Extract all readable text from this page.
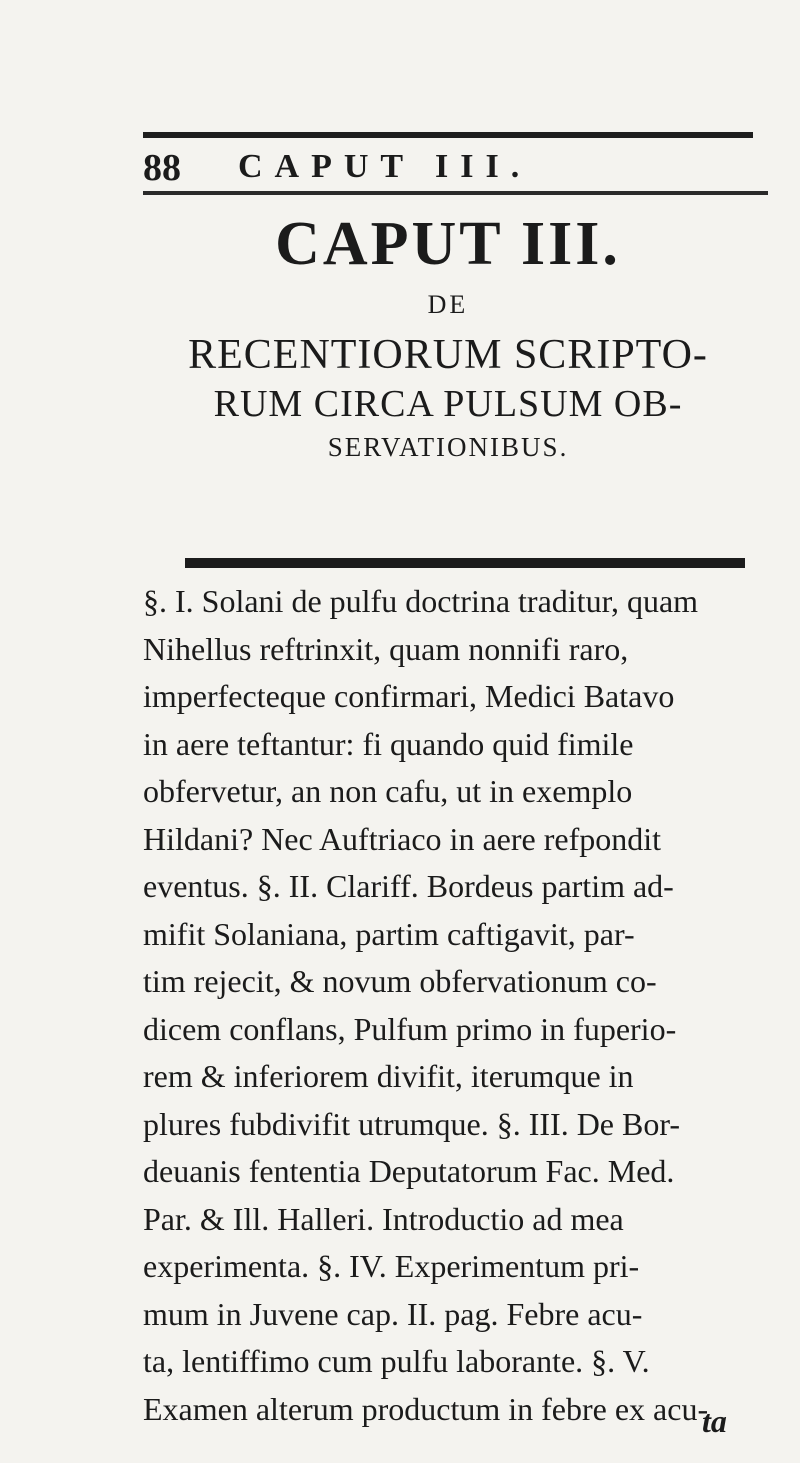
88 CAPUT III.
CAPUT III.
DE
RECENTIORUM SCRIPTO-
RUM CIRCA PULSUM OB-
SERVATIONIBUS.
§. I. Solani de pulfu doctrina traditur, quam
Nihellus reftrinxit, quam nonnifi raro,
imperfecteque confirmari, Medici Batavo
in aere teftantur: fi quando quid fimile
obfervetur, an non cafu, ut in exemplo
Hildani? Nec Auftriaco in aere refpondit
eventus. §. II. Clariff. Bordeus partim ad-
mifit Solaniana, partim caftigavit, par-
tim rejecit, & novum obfervationum co-
dicem conflans, Pulfum primo in fuperio-
rem & inferiorem divifit, iterumque in
plures fubdivifit utrumque. §. III. De Bor-
deuanis fententia Deputatorum Fac. Med.
Par. & Ill. Halleri. Introductio ad mea
experimenta. §. IV. Experimentum pri-
mum in Juvene cap. II. pag. Febre acu-
ta, lentiffimo cum pulfu laborante. §. V.
Examen alterum productum in febre ex acu-
ta
